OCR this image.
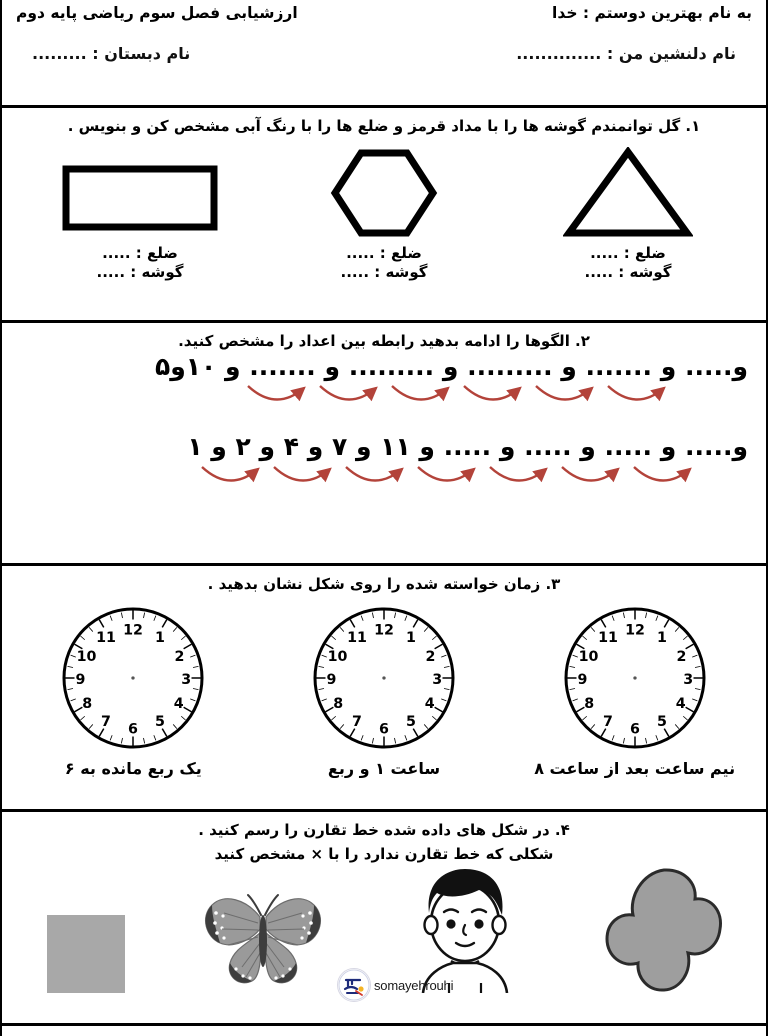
به نام بهترین دوستم : خدا
ارزشیابی فصل سوم ریاضی پایه دوم
نام دلنشین من : ..............
نام دبستان : .........
۱. گل توانمندم گوشه ها را با مداد قرمز و ضلع ها را با رنگ آبی مشخص کن و بنویس .
ضلع : .....
گوشه : .....
ضلع : .....
گوشه : .....
ضلع : .....
گوشه : .....
۲. الگوها را ادامه بدهید رابطه بین اعداد را مشخص کنید.
و..... و ....... و ......... و ......... و ....... و ۱۰و۵
و..... و ..... و ..... و ..... و ۱۱ و ۷ و ۴ و ۲ و ۱
۳. زمان خواسته شده را روی شکل نشان بدهید .
12 1
2
3
4
5
6
7
8
9
10
11
نیم ساعت بعد از ساعت ۸
12 1
2
3
4
5
6
7
8
9
10
11
ساعت ۱ و ربع
12 1
2
3
4
5
6
7
8
9
10
11
یک ربع مانده به ۶
۴. در شکل های داده شده خط تقارن را رسم کنید .
شکلی که خط تقارن ندارد را با × مشخص کنید
somayehrouhi
